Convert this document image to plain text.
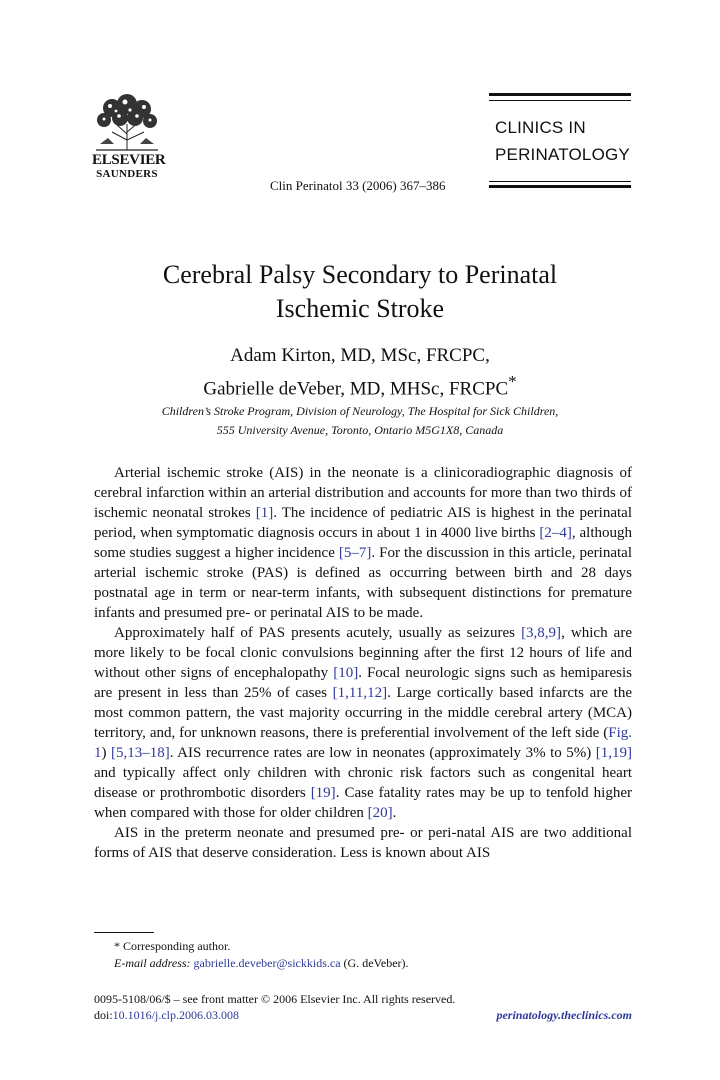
ELSEVIER
SAUNDERS
CLINICS IN
PERINATOLOGY
Clin Perinatol 33 (2006) 367–386
Cerebral Palsy Secondary to Perinatal
Ischemic Stroke
Adam Kirton, MD, MSc, FRCPC,
Gabrielle deVeber, MD, MHSc, FRCPC*
Children’s Stroke Program, Division of Neurology, The Hospital for Sick Children,
555 University Avenue, Toronto, Ontario M5G1X8, Canada

Arterial ischemic stroke (AIS) in the neonate is a clinicoradiographic diagnosis of cerebral infarction within an arterial distribution and accounts for more than two thirds of ischemic neonatal strokes [1]. The incidence of pediatric AIS is highest in the perinatal period, when symptomatic diagnosis occurs in about 1 in 4000 live births [2–4], although some studies suggest a higher incidence [5–7]. For the discussion in this article, perinatal arterial ischemic stroke (PAS) is defined as occurring between birth and 28 days postnatal age in term or near-term infants, with subsequent distinctions for premature infants and presumed pre- or perinatal AIS to be made.

Approximately half of PAS presents acutely, usually as seizures [3,8,9], which are more likely to be focal clonic convulsions beginning after the first 12 hours of life and without other signs of encephalopathy [10]. Focal neurologic signs such as hemiparesis are present in less than 25% of cases [1,11,12]. Large cortically based infarcts are the most common pattern, the vast majority occurring in the middle cerebral artery (MCA) territory, and, for unknown reasons, there is preferential involvement of the left side (Fig. 1) [5,13–18]. AIS recurrence rates are low in neonates (approximately 3% to 5%) [1,19] and typically affect only children with chronic risk factors such as congenital heart disease or prothrombotic disorders [19]. Case fatality rates may be up to tenfold higher when compared with those for older children [20].

AIS in the preterm neonate and presumed pre- or peri-natal AIS are two additional forms of AIS that deserve consideration. Less is known about AIS

* Corresponding author.
E-mail address: gabrielle.deveber@sickkids.ca (G. deVeber).
0095-5108/06/$ – see front matter © 2006 Elsevier Inc. All rights reserved.
doi:10.1016/j.clp.2006.03.008	perinatology.theclinics.com
